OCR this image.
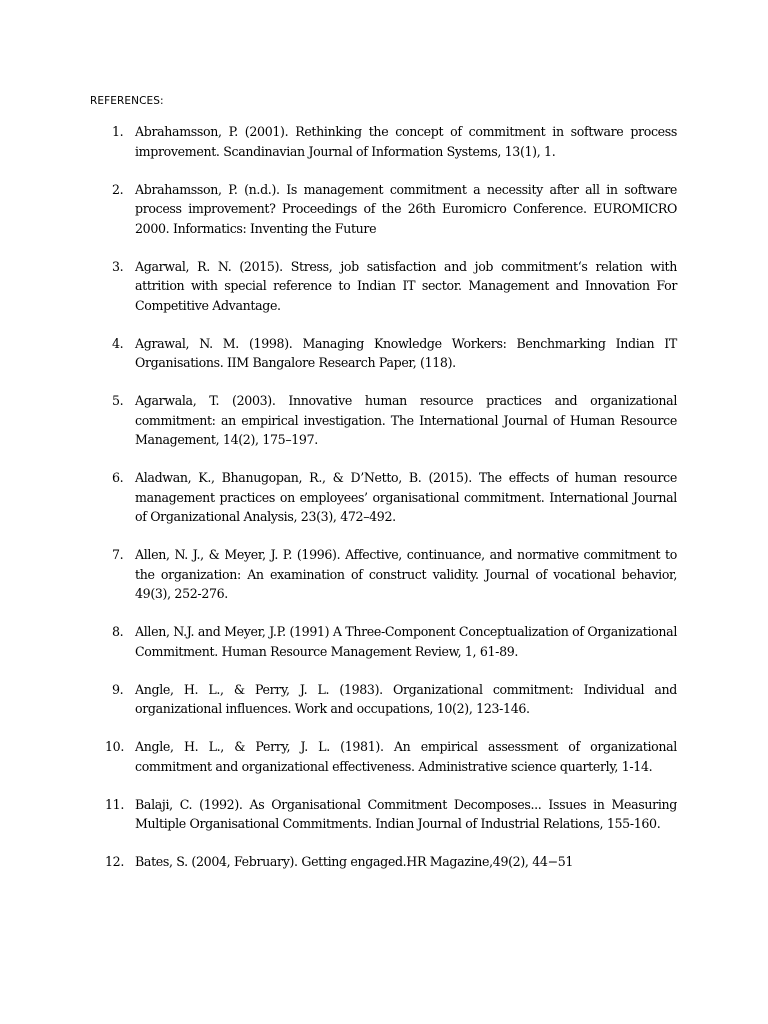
REFERENCES:
1. Abrahamsson, P. (2001). Rethinking the concept of commitment in software process improvement. Scandinavian Journal of Information Systems, 13(1), 1.
2. Abrahamsson, P. (n.d.). Is management commitment a necessity after all in software process improvement? Proceedings of the 26th Euromicro Conference. EUROMICRO 2000. Informatics: Inventing the Future
3. Agarwal, R. N. (2015). Stress, job satisfaction and job commitment‘s relation with attrition with special reference to Indian IT sector. Management and Innovation For Competitive Advantage.
4. Agrawal, N. M. (1998). Managing Knowledge Workers: Benchmarking Indian IT Organisations. IIM Bangalore Research Paper, (118).
5. Agarwala, T. (2003). Innovative human resource practices and organizational commitment: an empirical investigation. The International Journal of Human Resource Management, 14(2), 175–197.
6. Aladwan, K., Bhanugopan, R., & D’Netto, B. (2015). The effects of human resource management practices on employees’ organisational commitment. International Journal of Organizational Analysis, 23(3), 472–492.
7. Allen, N. J., & Meyer, J. P. (1996). Affective, continuance, and normative commitment to the organization: An examination of construct validity. Journal of vocational behavior, 49(3), 252-276.
8. Allen, N.J. and Meyer, J.P. (1991) A Three-Component Conceptualization of Organizational Commitment. Human Resource Management Review, 1, 61-89.
9. Angle, H. L., & Perry, J. L. (1983). Organizational commitment: Individual and organizational influences. Work and occupations, 10(2), 123-146.
10. Angle, H. L., & Perry, J. L. (1981). An empirical assessment of organizational commitment and organizational effectiveness. Administrative science quarterly, 1-14.
11. Balaji, C. (1992). As Organisational Commitment Decomposes... Issues in Measuring Multiple Organisational Commitments. Indian Journal of Industrial Relations, 155-160.
12. Bates, S. (2004, February). Getting engaged.HR Magazine,49(2), 44−51
